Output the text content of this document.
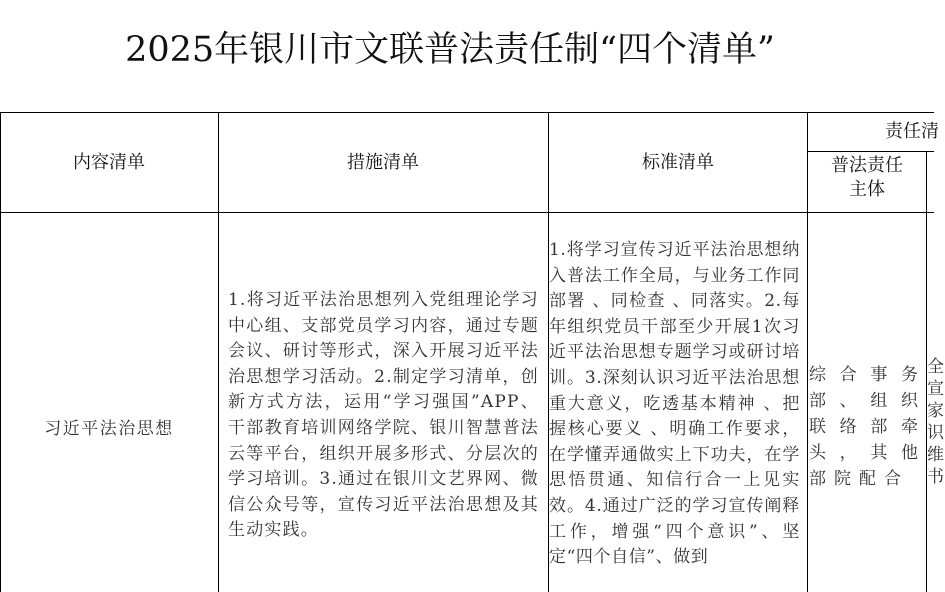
2025年银川市文联普法责任制“四个清单”
内容清单	措施清单	标准清单
责任清
普法责任
主体
习近平法治思想
1.将习近平法治思想列入党组理论学习中心组、支部党员学习内容，通过专题会议、研讨等形式，深入开展习近平法治思想学习活动。2.制定学习清单，创新方式方法，运用“学习强国”APP、干部教育培训网络学院、银川智慧普法云等平台，组织开展多形式、分层次的学习培训。3.通过在银川文艺界网、微信公众号等，宣传习近平法治思想及其生动实践。
1.将学习宣传习近平法治思想纳入普法工作全局，与业务工作同部署 、同检查 、同落实。2.每年组织党员干部至少开展1次习近平法治思想专题学习或研讨培训。3.深刻认识习近平法治思想重大意义，吃透基本精神 、把握核心要义 、明确工作要求，在学懂弄通做实上下功夫，在学思悟贯通、知信行合一上见实效。4.通过广泛的学习宣传阐释工作，增强“四个意识”、坚定“四个自信”、做到
综合事务部、组织联络部牵头，其他部院配合
全
宣
家
识
维
书
